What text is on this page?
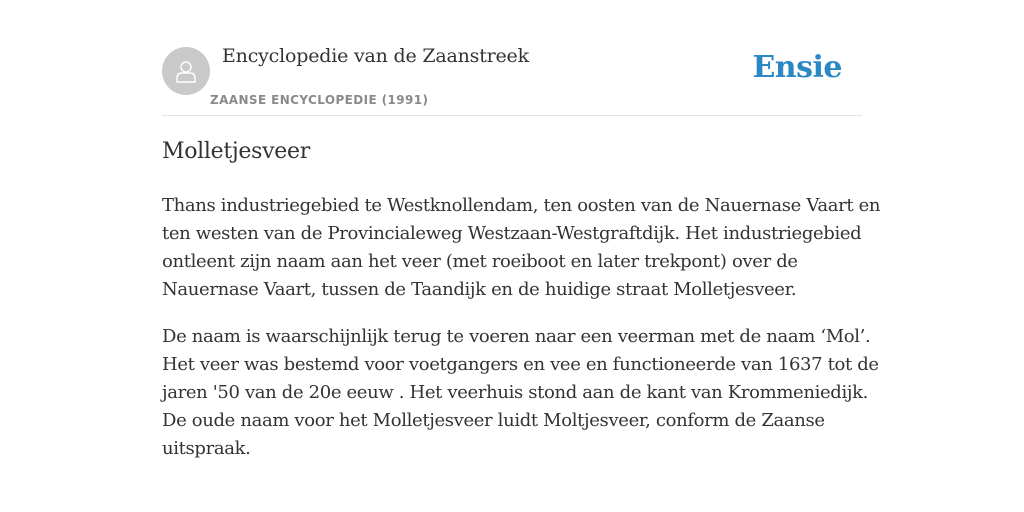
Encyclopedie van de Zaanstreek
ZAANSE ENCYCLOPEDIE (1991)
Ensie
Molletjesveer

Thans industriegebied te Westknollendam, ten oosten van de Nauernase Vaart en
ten westen van de Provincialeweg Westzaan-Westgraftdijk. Het industriegebied
ontleent zijn naam aan het veer (met roeiboot en later trekpont) over de
Nauernase Vaart, tussen de Taandijk en de huidige straat Molletjesveer.

De naam is waarschijnlijk terug te voeren naar een veerman met de naam ‘Mol’.
Het veer was bestemd voor voetgangers en vee en functioneerde van 1637 tot de
jaren '50 van de 20e eeuw . Het veerhuis stond aan de kant van Krommeniedijk.
De oude naam voor het Molletjesveer luidt Moltjesveer, conform de Zaanse
uitspraak.
